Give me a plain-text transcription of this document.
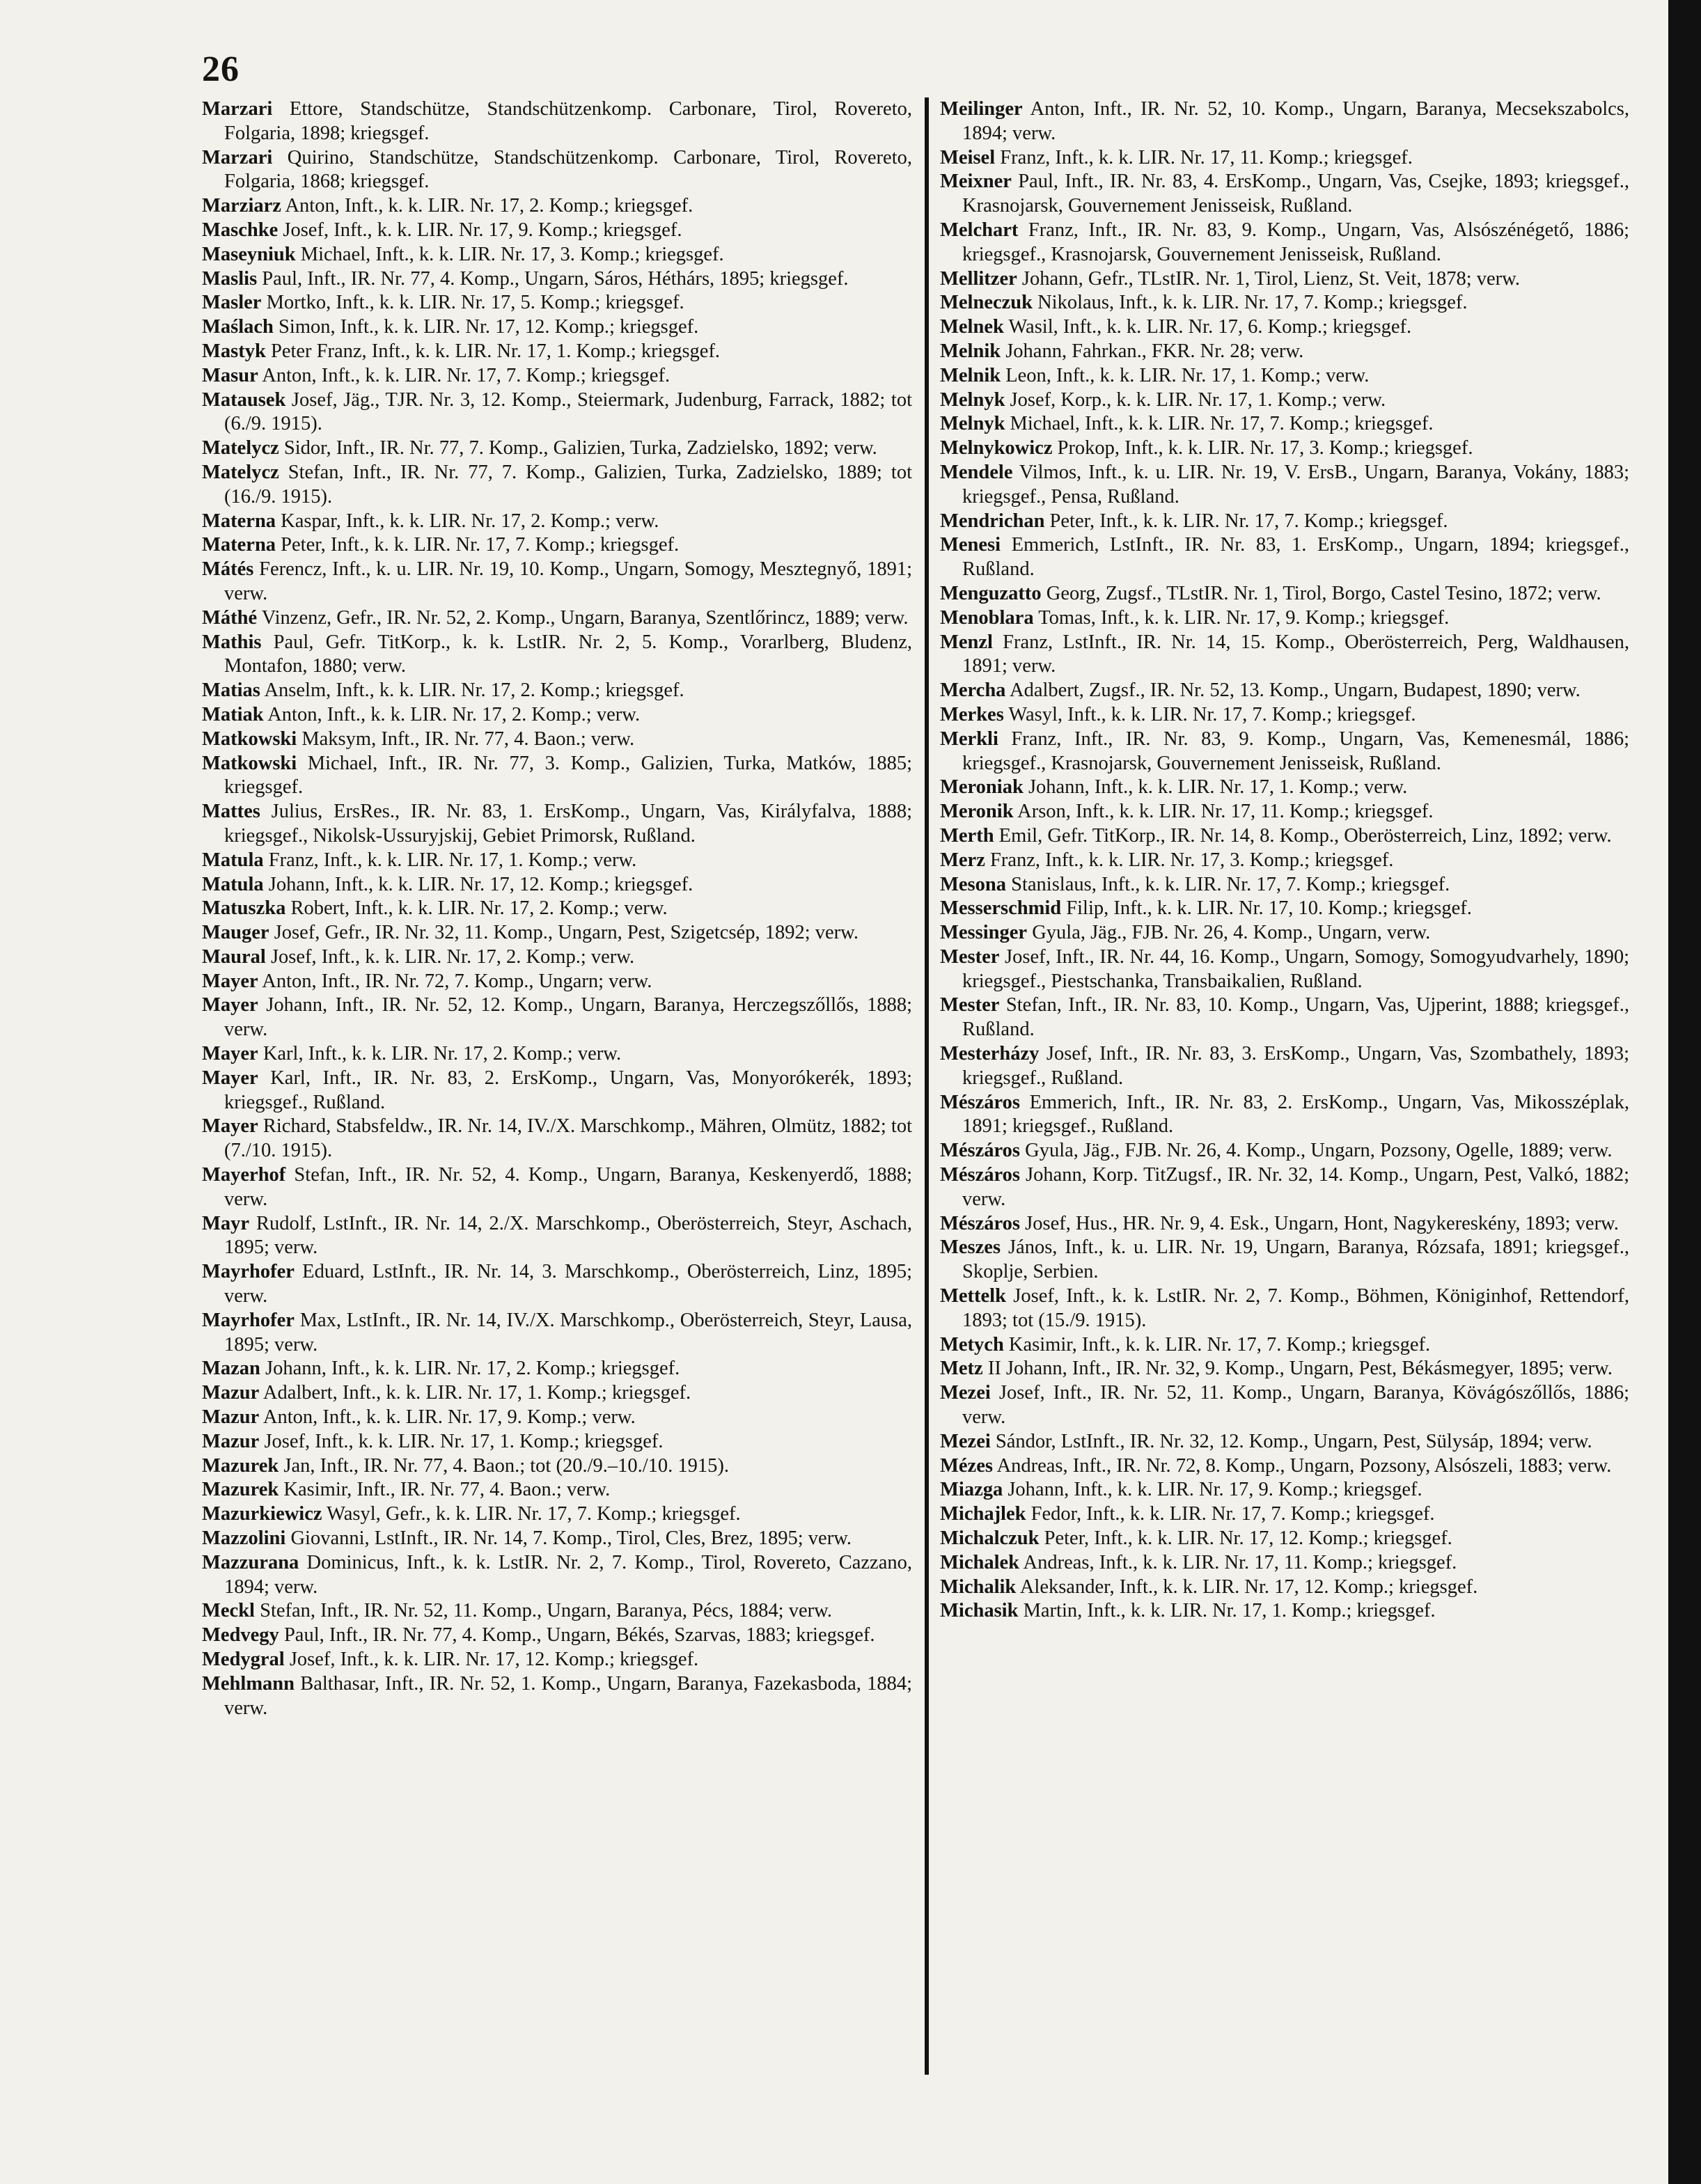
26

Marzari Ettore, Standschütze, Standschützenkomp. Carbonare, Tirol, Rovereto, Folgaria, 1898; kriegsgef.

Marzari Quirino, Standschütze, Standschützenkomp. Carbonare, Tirol, Rovereto, Folgaria, 1868; kriegsgef.

Marziarz Anton, Inft., k. k. LIR. Nr. 17, 2. Komp.; kriegsgef.

Maschke Josef, Inft., k. k. LIR. Nr. 17, 9. Komp.; kriegsgef.

Maseyniuk Michael, Inft., k. k. LIR. Nr. 17, 3. Komp.; kriegsgef.

Maslis Paul, Inft., IR. Nr. 77, 4. Komp., Ungarn, Sáros, Héthárs, 1895; kriegsgef.

Masler Mortko, Inft., k. k. LIR. Nr. 17, 5. Komp.; kriegsgef.

Maślach Simon, Inft., k. k. LIR. Nr. 17, 12. Komp.; kriegsgef.

Mastyk Peter Franz, Inft., k. k. LIR. Nr. 17, 1. Komp.; kriegsgef.

Masur Anton, Inft., k. k. LIR. Nr. 17, 7. Komp.; kriegsgef.

Matausek Josef, Jäg., TJR. Nr. 3, 12. Komp., Steiermark, Judenburg, Farrack, 1882; tot (6./9. 1915).

Matelycz Sidor, Inft., IR. Nr. 77, 7. Komp., Galizien, Turka, Zadzielsko, 1892; verw.

Matelycz Stefan, Inft., IR. Nr. 77, 7. Komp., Galizien, Turka, Zadzielsko, 1889; tot (16./9. 1915).

Materna Kaspar, Inft., k. k. LIR. Nr. 17, 2. Komp.; verw.

Materna Peter, Inft., k. k. LIR. Nr. 17, 7. Komp.; kriegsgef.

Mátés Ferencz, Inft., k. u. LIR. Nr. 19, 10. Komp., Ungarn, Somogy, Mesztegnyő, 1891; verw.

Máthé Vinzenz, Gefr., IR. Nr. 52, 2. Komp., Ungarn, Baranya, Szentlőrincz, 1889; verw.

Mathis Paul, Gefr. TitKorp., k. k. LstIR. Nr. 2, 5. Komp., Vorarlberg, Bludenz, Montafon, 1880; verw.

Matias Anselm, Inft., k. k. LIR. Nr. 17, 2. Komp.; kriegsgef.

Matiak Anton, Inft., k. k. LIR. Nr. 17, 2. Komp.; verw.

Matkowski Maksym, Inft., IR. Nr. 77, 4. Baon.; verw.

Matkowski Michael, Inft., IR. Nr. 77, 3. Komp., Galizien, Turka, Matków, 1885; kriegsgef.

Mattes Julius, ErsRes., IR. Nr. 83, 1. ErsKomp., Ungarn, Vas, Királyfalva, 1888; kriegsgef., Nikolsk-Ussuryjskij, Gebiet Primorsk, Rußland.

Matula Franz, Inft., k. k. LIR. Nr. 17, 1. Komp.; verw.

Matula Johann, Inft., k. k. LIR. Nr. 17, 12. Komp.; kriegsgef.

Matuszka Robert, Inft., k. k. LIR. Nr. 17, 2. Komp.; verw.

Mauger Josef, Gefr., IR. Nr. 32, 11. Komp., Ungarn, Pest, Szigetcsép, 1892; verw.

Maural Josef, Inft., k. k. LIR. Nr. 17, 2. Komp.; verw.

Mayer Anton, Inft., IR. Nr. 72, 7. Komp., Ungarn; verw.

Mayer Johann, Inft., IR. Nr. 52, 12. Komp., Ungarn, Baranya, Herczegszőllős, 1888; verw.

Mayer Karl, Inft., k. k. LIR. Nr. 17, 2. Komp.; verw.

Mayer Karl, Inft., IR. Nr. 83, 2. ErsKomp., Ungarn, Vas, Monyorókerék, 1893; kriegsgef., Rußland.

Mayer Richard, Stabsfeldw., IR. Nr. 14, IV./X. Marschkomp., Mähren, Olmütz, 1882; tot (7./10. 1915).

Mayerhof Stefan, Inft., IR. Nr. 52, 4. Komp., Ungarn, Baranya, Keskenyerdő, 1888; verw.

Mayr Rudolf, LstInft., IR. Nr. 14, 2./X. Marschkomp., Oberösterreich, Steyr, Aschach, 1895; verw.

Mayrhofer Eduard, LstInft., IR. Nr. 14, 3. Marschkomp., Oberösterreich, Linz, 1895; verw.

Mayrhofer Max, LstInft., IR. Nr. 14, IV./X. Marschkomp., Oberösterreich, Steyr, Lausa, 1895; verw.

Mazan Johann, Inft., k. k. LIR. Nr. 17, 2. Komp.; kriegsgef.

Mazur Adalbert, Inft., k. k. LIR. Nr. 17, 1. Komp.; kriegsgef.

Mazur Anton, Inft., k. k. LIR. Nr. 17, 9. Komp.; verw.

Mazur Josef, Inft., k. k. LIR. Nr. 17, 1. Komp.; kriegsgef.

Mazurek Jan, Inft., IR. Nr. 77, 4. Baon.; tot (20./9.–10./10. 1915).

Mazurek Kasimir, Inft., IR. Nr. 77, 4. Baon.; verw.

Mazurkiewicz Wasyl, Gefr., k. k. LIR. Nr. 17, 7. Komp.; kriegsgef.

Mazzolini Giovanni, LstInft., IR. Nr. 14, 7. Komp., Tirol, Cles, Brez, 1895; verw.

Mazzurana Dominicus, Inft., k. k. LstIR. Nr. 2, 7. Komp., Tirol, Rovereto, Cazzano, 1894; verw.

Meckl Stefan, Inft., IR. Nr. 52, 11. Komp., Ungarn, Baranya, Pécs, 1884; verw.

Medvegy Paul, Inft., IR. Nr. 77, 4. Komp., Ungarn, Békés, Szarvas, 1883; kriegsgef.

Medygral Josef, Inft., k. k. LIR. Nr. 17, 12. Komp.; kriegsgef.

Mehlmann Balthasar, Inft., IR. Nr. 52, 1. Komp., Ungarn, Baranya, Fazekasboda, 1884; verw.

Meilinger Anton, Inft., IR. Nr. 52, 10. Komp., Ungarn, Baranya, Mecsekszabolcs, 1894; verw.

Meisel Franz, Inft., k. k. LIR. Nr. 17, 11. Komp.; kriegsgef.

Meixner Paul, Inft., IR. Nr. 83, 4. ErsKomp., Ungarn, Vas, Csejke, 1893; kriegsgef., Krasnojarsk, Gouvernement Jenisseisk, Rußland.

Melchart Franz, Inft., IR. Nr. 83, 9. Komp., Ungarn, Vas, Alsószénégető, 1886; kriegsgef., Krasnojarsk, Gouvernement Jenisseisk, Rußland.

Mellitzer Johann, Gefr., TLstIR. Nr. 1, Tirol, Lienz, St. Veit, 1878; verw.

Melneczuk Nikolaus, Inft., k. k. LIR. Nr. 17, 7. Komp.; kriegsgef.

Melnek Wasil, Inft., k. k. LIR. Nr. 17, 6. Komp.; kriegsgef.

Melnik Johann, Fahrkan., FKR. Nr. 28; verw.

Melnik Leon, Inft., k. k. LIR. Nr. 17, 1. Komp.; verw.

Melnyk Josef, Korp., k. k. LIR. Nr. 17, 1. Komp.; verw.

Melnyk Michael, Inft., k. k. LIR. Nr. 17, 7. Komp.; kriegsgef.

Melnykowicz Prokop, Inft., k. k. LIR. Nr. 17, 3. Komp.; kriegsgef.

Mendele Vilmos, Inft., k. u. LIR. Nr. 19, V. ErsB., Ungarn, Baranya, Vokány, 1883; kriegsgef., Pensa, Rußland.

Mendrichan Peter, Inft., k. k. LIR. Nr. 17, 7. Komp.; kriegsgef.

Menesi Emmerich, LstInft., IR. Nr. 83, 1. ErsKomp., Ungarn, 1894; kriegsgef., Rußland.

Menguzatto Georg, Zugsf., TLstIR. Nr. 1, Tirol, Borgo, Castel Tesino, 1872; verw.

Menoblara Tomas, Inft., k. k. LIR. Nr. 17, 9. Komp.; kriegsgef.

Menzl Franz, LstInft., IR. Nr. 14, 15. Komp., Oberösterreich, Perg, Waldhausen, 1891; verw.

Mercha Adalbert, Zugsf., IR. Nr. 52, 13. Komp., Ungarn, Budapest, 1890; verw.

Merkes Wasyl, Inft., k. k. LIR. Nr. 17, 7. Komp.; kriegsgef.

Merkli Franz, Inft., IR. Nr. 83, 9. Komp., Ungarn, Vas, Kemenesmál, 1886; kriegsgef., Krasnojarsk, Gouvernement Jenisseisk, Rußland.

Meroniak Johann, Inft., k. k. LIR. Nr. 17, 1. Komp.; verw.

Meronik Arson, Inft., k. k. LIR. Nr. 17, 11. Komp.; kriegsgef.

Merth Emil, Gefr. TitKorp., IR. Nr. 14, 8. Komp., Oberösterreich, Linz, 1892; verw.

Merz Franz, Inft., k. k. LIR. Nr. 17, 3. Komp.; kriegsgef.

Mesona Stanislaus, Inft., k. k. LIR. Nr. 17, 7. Komp.; kriegsgef.

Messerschmid Filip, Inft., k. k. LIR. Nr. 17, 10. Komp.; kriegsgef.

Messinger Gyula, Jäg., FJB. Nr. 26, 4. Komp., Ungarn, verw.

Mester Josef, Inft., IR. Nr. 44, 16. Komp., Ungarn, Somogy, Somogyudvarhely, 1890; kriegsgef., Piestschanka, Transbaikalien, Rußland.

Mester Stefan, Inft., IR. Nr. 83, 10. Komp., Ungarn, Vas, Ujperint, 1888; kriegsgef., Rußland.

Mesterházy Josef, Inft., IR. Nr. 83, 3. ErsKomp., Ungarn, Vas, Szombathely, 1893; kriegsgef., Rußland.

Mészáros Emmerich, Inft., IR. Nr. 83, 2. ErsKomp., Ungarn, Vas, Mikosszéplak, 1891; kriegsgef., Rußland.

Mészáros Gyula, Jäg., FJB. Nr. 26, 4. Komp., Ungarn, Pozsony, Ogelle, 1889; verw.

Mészáros Johann, Korp. TitZugsf., IR. Nr. 32, 14. Komp., Ungarn, Pest, Valkó, 1882; verw.

Mészáros Josef, Hus., HR. Nr. 9, 4. Esk., Ungarn, Hont, Nagykereskény, 1893; verw.

Meszes János, Inft., k. u. LIR. Nr. 19, Ungarn, Baranya, Rózsafa, 1891; kriegsgef., Skoplje, Serbien.

Mettelk Josef, Inft., k. k. LstIR. Nr. 2, 7. Komp., Böhmen, Königinhof, Rettendorf, 1893; tot (15./9. 1915).

Metych Kasimir, Inft., k. k. LIR. Nr. 17, 7. Komp.; kriegsgef.

Metz II Johann, Inft., IR. Nr. 32, 9. Komp., Ungarn, Pest, Békásmegyer, 1895; verw.

Mezei Josef, Inft., IR. Nr. 52, 11. Komp., Ungarn, Baranya, Kövágószőllős, 1886; verw.

Mezei Sándor, LstInft., IR. Nr. 32, 12. Komp., Ungarn, Pest, Sülysáp, 1894; verw.

Mézes Andreas, Inft., IR. Nr. 72, 8. Komp., Ungarn, Pozsony, Alsószeli, 1883; verw.

Miazga Johann, Inft., k. k. LIR. Nr. 17, 9. Komp.; kriegsgef.

Michajlek Fedor, Inft., k. k. LIR. Nr. 17, 7. Komp.; kriegsgef.

Michalczuk Peter, Inft., k. k. LIR. Nr. 17, 12. Komp.; kriegsgef.

Michalek Andreas, Inft., k. k. LIR. Nr. 17, 11. Komp.; kriegsgef.

Michalik Aleksander, Inft., k. k. LIR. Nr. 17, 12. Komp.; kriegsgef.

Michasik Martin, Inft., k. k. LIR. Nr. 17, 1. Komp.; kriegsgef.
